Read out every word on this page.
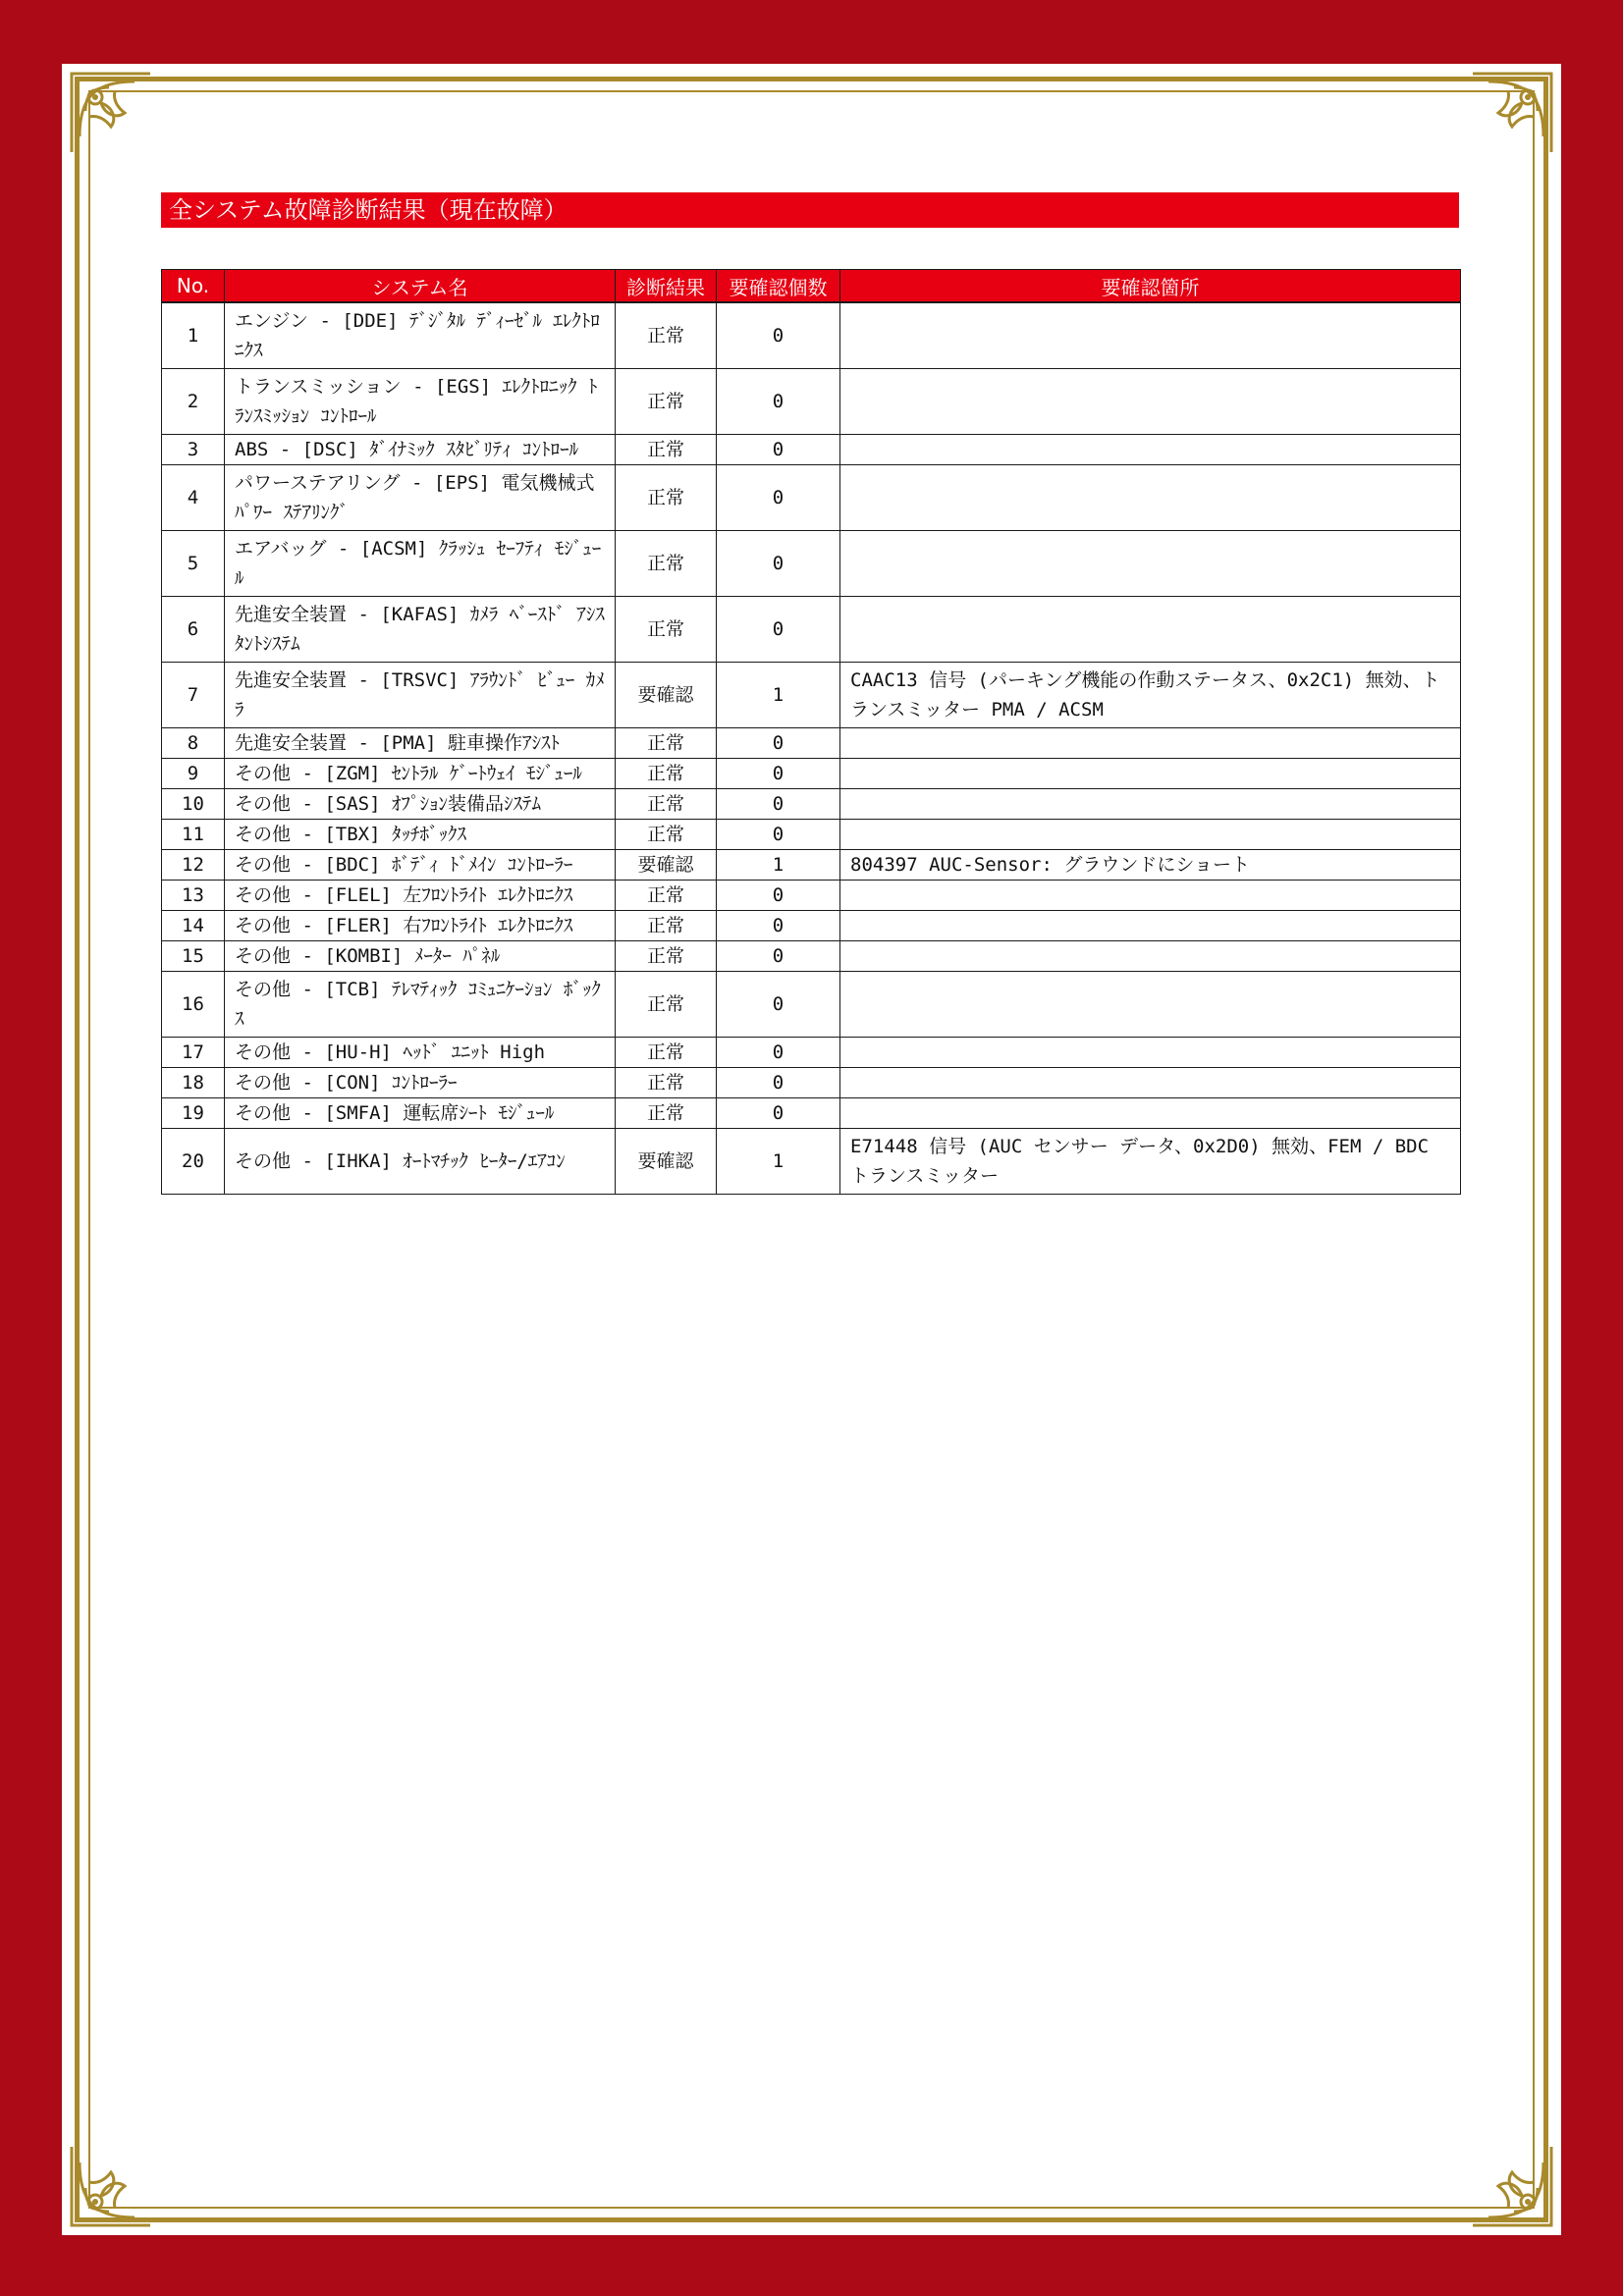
全システム故障診断結果（現在故障）
No.	システム名	診断結果	要確認個数	要確認箇所
1	エンジン - [DDE] ﾃﾞｼﾞﾀﾙ ﾃﾞｨｰｾﾞﾙ ｴﾚｸﾄﾛﾆｸｽ	正常	0	
2	トランスミッション - [EGS] ｴﾚｸﾄﾛﾆｯｸ ﾄﾗﾝｽﾐｯｼｮﾝ ｺﾝﾄﾛｰﾙ	正常	0	
3	ABS - [DSC] ﾀﾞｲﾅﾐｯｸ ｽﾀﾋﾞﾘﾃｨ ｺﾝﾄﾛｰﾙ	正常	0	
4	パワーステアリング - [EPS] 電気機械式ﾊﾟﾜｰ ｽﾃｱﾘﾝｸﾞ	正常	0	
5	エアバッグ - [ACSM] ｸﾗｯｼｭ ｾｰﾌﾃｨ ﾓｼﾞｭｰﾙ	正常	0	
6	先進安全装置 - [KAFAS] ｶﾒﾗ ﾍﾞｰｽﾄﾞ ｱｼｽﾀﾝﾄｼｽﾃﾑ	正常	0	
7	先進安全装置 - [TRSVC] ｱﾗｳﾝﾄﾞ ﾋﾞｭｰ ｶﾒﾗ	要確認	1	CAAC13 信号 (パーキング機能の作動ステータス、0x2C1) 無効、トランスミッター PMA / ACSM
8	先進安全装置 - [PMA] 駐車操作ｱｼｽﾄ	正常	0	
9	その他 - [ZGM] ｾﾝﾄﾗﾙ ｹﾞｰﾄｳｪｲ ﾓｼﾞｭｰﾙ	正常	0	
10	その他 - [SAS] ｵﾌﾟｼｮﾝ装備品ｼｽﾃﾑ	正常	0	
11	その他 - [TBX] ﾀｯﾁﾎﾞｯｸｽ	正常	0	
12	その他 - [BDC] ﾎﾞﾃﾞｨ ﾄﾞﾒｲﾝ ｺﾝﾄﾛｰﾗｰ	要確認	1	804397 AUC-Sensor: グラウンドにショート
13	その他 - [FLEL] 左ﾌﾛﾝﾄﾗｲﾄ ｴﾚｸﾄﾛﾆｸｽ	正常	0	
14	その他 - [FLER] 右ﾌﾛﾝﾄﾗｲﾄ ｴﾚｸﾄﾛﾆｸｽ	正常	0	
15	その他 - [KOMBI] ﾒｰﾀｰ ﾊﾟﾈﾙ	正常	0	
16	その他 - [TCB] ﾃﾚﾏﾃｨｯｸ ｺﾐｭﾆｹｰｼｮﾝ ﾎﾞｯｸｽ	正常	0	
17	その他 - [HU-H] ﾍｯﾄﾞ ﾕﾆｯﾄ High	正常	0	
18	その他 - [CON] ｺﾝﾄﾛｰﾗｰ	正常	0	
19	その他 - [SMFA] 運転席ｼｰﾄ ﾓｼﾞｭｰﾙ	正常	0	
20	その他 - [IHKA] ｵｰﾄﾏﾁｯｸ ﾋｰﾀｰ/ｴｱｺﾝ	要確認	1	E71448 信号 (AUC センサー データ、0x2D0) 無効、FEM / BDC トランスミッター
